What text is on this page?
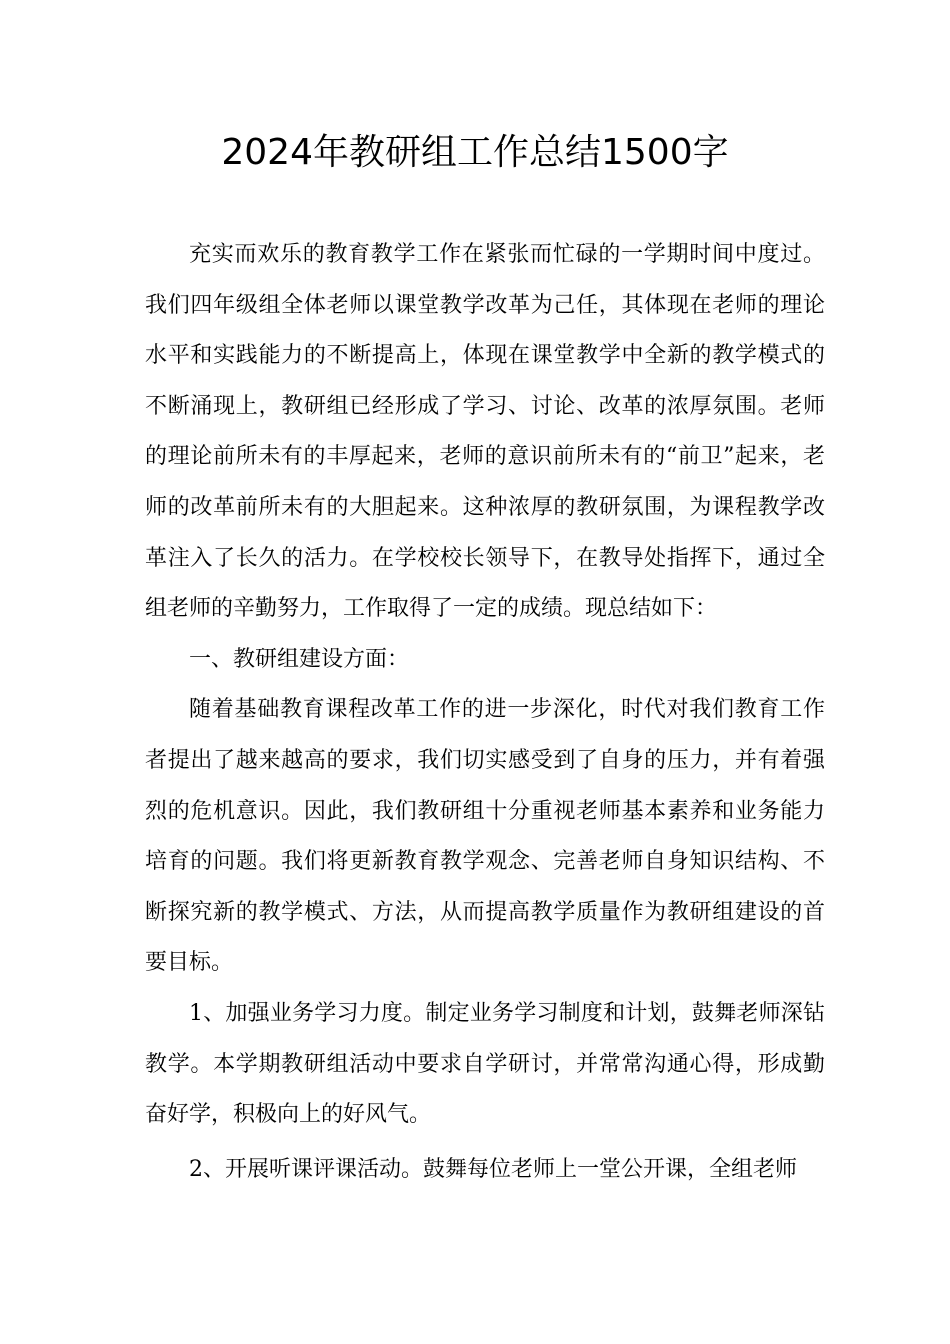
2024年教研组工作总结1500字

充实而欢乐的教育教学工作在紧张而忙碌的一学期时间中度过。我们四年级组全体老师以课堂教学改革为己任，其体现在老师的理论水平和实践能力的不断提高上，体现在课堂教学中全新的教学模式的不断涌现上，教研组已经形成了学习、讨论、改革的浓厚氛围。老师的理论前所未有的丰厚起来，老师的意识前所未有的“前卫”起来，老师的改革前所未有的大胆起来。这种浓厚的教研氛围，为课程教学改革注入了长久的活力。在学校校长领导下，在教导处指挥下，通过全组老师的辛勤努力，工作取得了一定的成绩。现总结如下：

一、教研组建设方面：

随着基础教育课程改革工作的进一步深化，时代对我们教育工作者提出了越来越高的要求，我们切实感受到了自身的压力，并有着强烈的危机意识。因此，我们教研组十分重视老师基本素养和业务能力培育的问题。我们将更新教育教学观念、完善老师自身知识结构、不断探究新的教学模式、方法，从而提高教学质量作为教研组建设的首要目标。

1、加强业务学习力度。制定业务学习制度和计划，鼓舞老师深钻教学。本学期教研组活动中要求自学研讨，并常常沟通心得，形成勤奋好学，积极向上的好风气。

2、开展听课评课活动。鼓舞每位老师上一堂公开课，全组老师
